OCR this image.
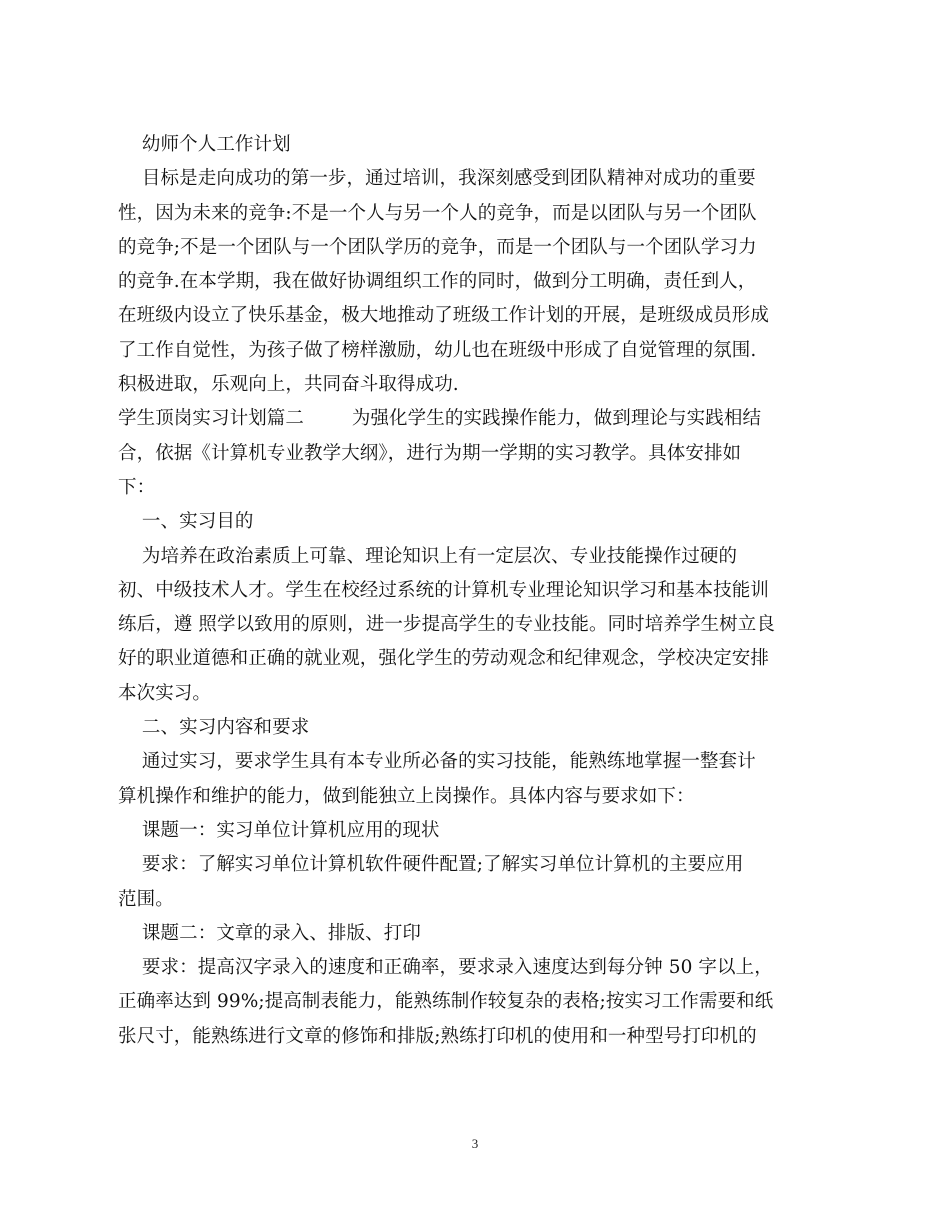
幼师个人工作计划
目标是走向成功的第一步，通过培训，我深刻感受到团队精神对成功的重要
性，因为未来的竞争:不是一个人与另一个人的竞争，而是以团队与另一个团队
的竞争;不是一个团队与一个团队学历的竞争，而是一个团队与一个团队学习力
的竞争.在本学期，我在做好协调组织工作的同时，做到分工明确，责任到人，
在班级内设立了快乐基金，极大地推动了班级工作计划的开展，是班级成员形成
了工作自觉性，为孩子做了榜样激励，幼儿也在班级中形成了自觉管理的氛围.
积极进取，乐观向上，共同奋斗取得成功.
学生顶岗实习计划篇二        为强化学生的实践操作能力，做到理论与实践相结
合，依据《计算机专业教学大纲》，进行为期一学期的实习教学。具体安排如
下：
一、实习目的
为培养在政治素质上可靠、理论知识上有一定层次、专业技能操作过硬的
初、中级技术人才。学生在校经过系统的计算机专业理论知识学习和基本技能训
练后，遵 照学以致用的原则，进一步提高学生的专业技能。同时培养学生树立良
好的职业道德和正确的就业观，强化学生的劳动观念和纪律观念，学校决定安排
本次实习。
二、实习内容和要求
通过实习，要求学生具有本专业所必备的实习技能，能熟练地掌握一整套计
算机操作和维护的能力，做到能独立上岗操作。具体内容与要求如下：
课题一：实习单位计算机应用的现状
要求：了解实习单位计算机软件硬件配置;了解实习单位计算机的主要应用
范围。
课题二：文章的录入、排版、打印
要求：提高汉字录入的速度和正确率，要求录入速度达到每分钟 50 字以上，
正确率达到 99%;提高制表能力，能熟练制作较复杂的表格;按实习工作需要和纸
张尺寸，能熟练进行文章的修饰和排版;熟练打印机的使用和一种型号打印机的
3
